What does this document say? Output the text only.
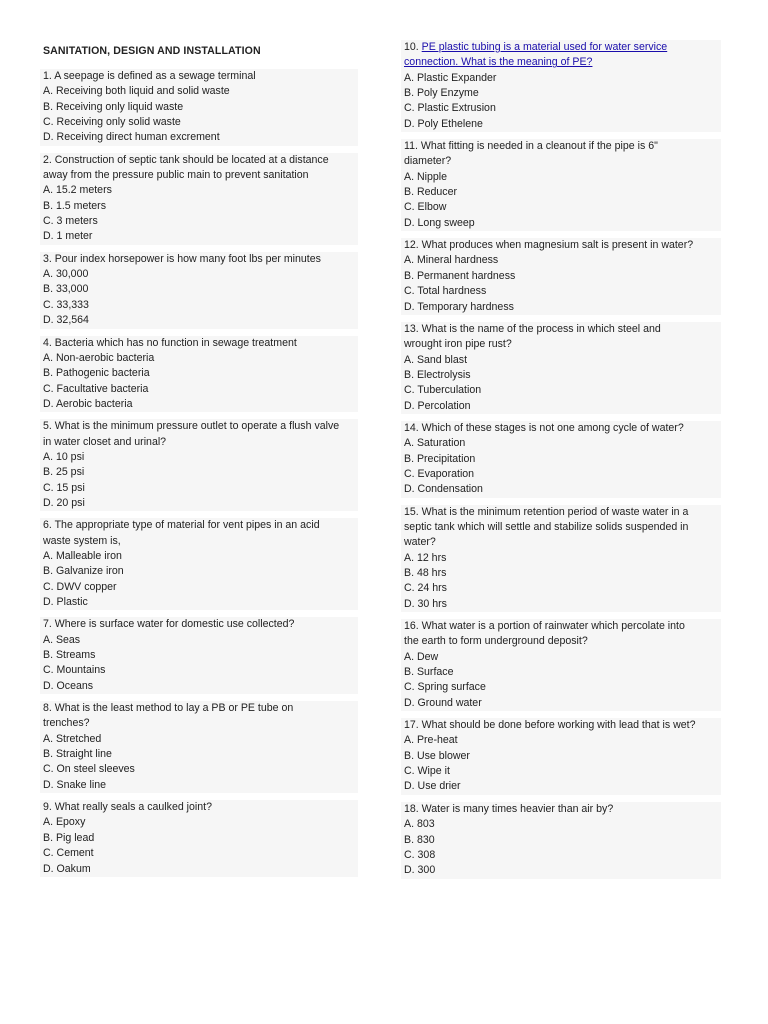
SANITATION, DESIGN AND INSTALLATION
1. A seepage is defined as a sewage terminal
A. Receiving both liquid and solid waste
B. Receiving only liquid waste
C. Receiving only solid waste
D. Receiving direct human excrement
2. Construction of septic tank should be located at a distance
away from the pressure public main to prevent sanitation
A. 15.2 meters
B. 1.5 meters
C. 3 meters
D. 1 meter
3. Pour index horsepower is how many foot lbs per minutes
A. 30,000
B. 33,000
C. 33,333
D. 32,564
4. Bacteria which has no function in sewage treatment
A. Non-aerobic bacteria
B. Pathogenic bacteria
C. Facultative bacteria
D. Aerobic bacteria
5. What is the minimum pressure outlet to operate a flush valve
in water closet and urinal?
A. 10 psi
B. 25 psi
C. 15 psi
D. 20 psi
6. The appropriate type of material for vent pipes in an acid
waste system is,
A. Malleable iron
B. Galvanize iron
C. DWV copper
D. Plastic
7. Where is surface water for domestic use collected?
A. Seas
B. Streams
C. Mountains
D. Oceans
8. What is the least method to lay a PB or PE tube on
trenches?
A. Stretched
B. Straight line
C. On steel sleeves
D. Snake line
9. What really seals a caulked joint?
A. Epoxy
B. Pig lead
C. Cement
D. Oakum
10. PE plastic tubing is a material used for water service
connection. What is the meaning of PE?
A. Plastic Expander
B. Poly Enzyme
C. Plastic Extrusion
D. Poly Ethelene
11. What fitting is needed in a cleanout if the pipe is 6"
diameter?
A. Nipple
B. Reducer
C. Elbow
D. Long sweep
12. What produces when magnesium salt is present in water?
A. Mineral hardness
B. Permanent hardness
C. Total hardness
D. Temporary hardness
13. What is the name of the process in which steel and
wrought iron pipe rust?
A. Sand blast
B. Electrolysis
C. Tuberculation
D. Percolation
14. Which of these stages is not one among cycle of water?
A. Saturation
B. Precipitation
C. Evaporation
D. Condensation
15. What is the minimum retention period of waste water in a
septic tank which will settle and stabilize solids suspended in
water?
A. 12 hrs
B. 48 hrs
C. 24 hrs
D. 30 hrs
16. What water is a portion of rainwater which percolate into
the earth to form underground deposit?
A. Dew
B. Surface
C. Spring surface
D. Ground water
17. What should be done before working with lead that is wet?
A. Pre-heat
B. Use blower
C. Wipe it
D. Use drier
18. Water is many times heavier than air by?
A. 803
B. 830
C. 308
D. 300
